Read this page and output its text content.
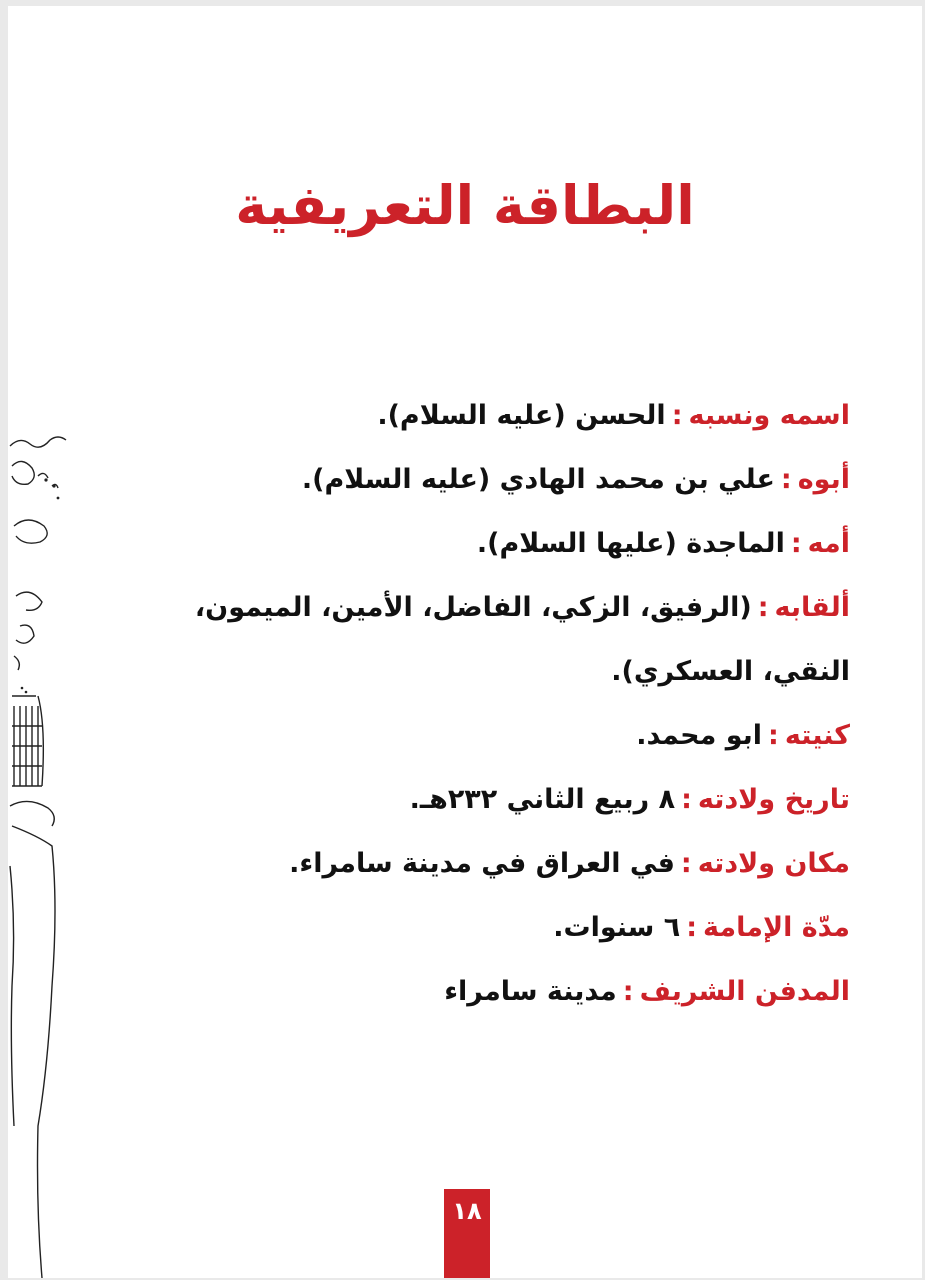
البطاقة التعريفية
اسمه ونسبه:الحسن (عليه السلام).
أبوه:علي بن محمد الهادي (عليه السلام).
أمه:الماجدة (عليها السلام).
ألقابه:(الرفيق، الزكي، الفاضل، الأمين، الميمون، النقي، العسكري).
كنيته:ابو محمد.
تاريخ ولادته:٨ ربيع الثاني ٢٣٢هـ.
مكان ولادته:في العراق في مدينة سامراء.
مدّة الإمامة:٦ سنوات.
المدفن الشريف:مدينة سامراء
١٨
